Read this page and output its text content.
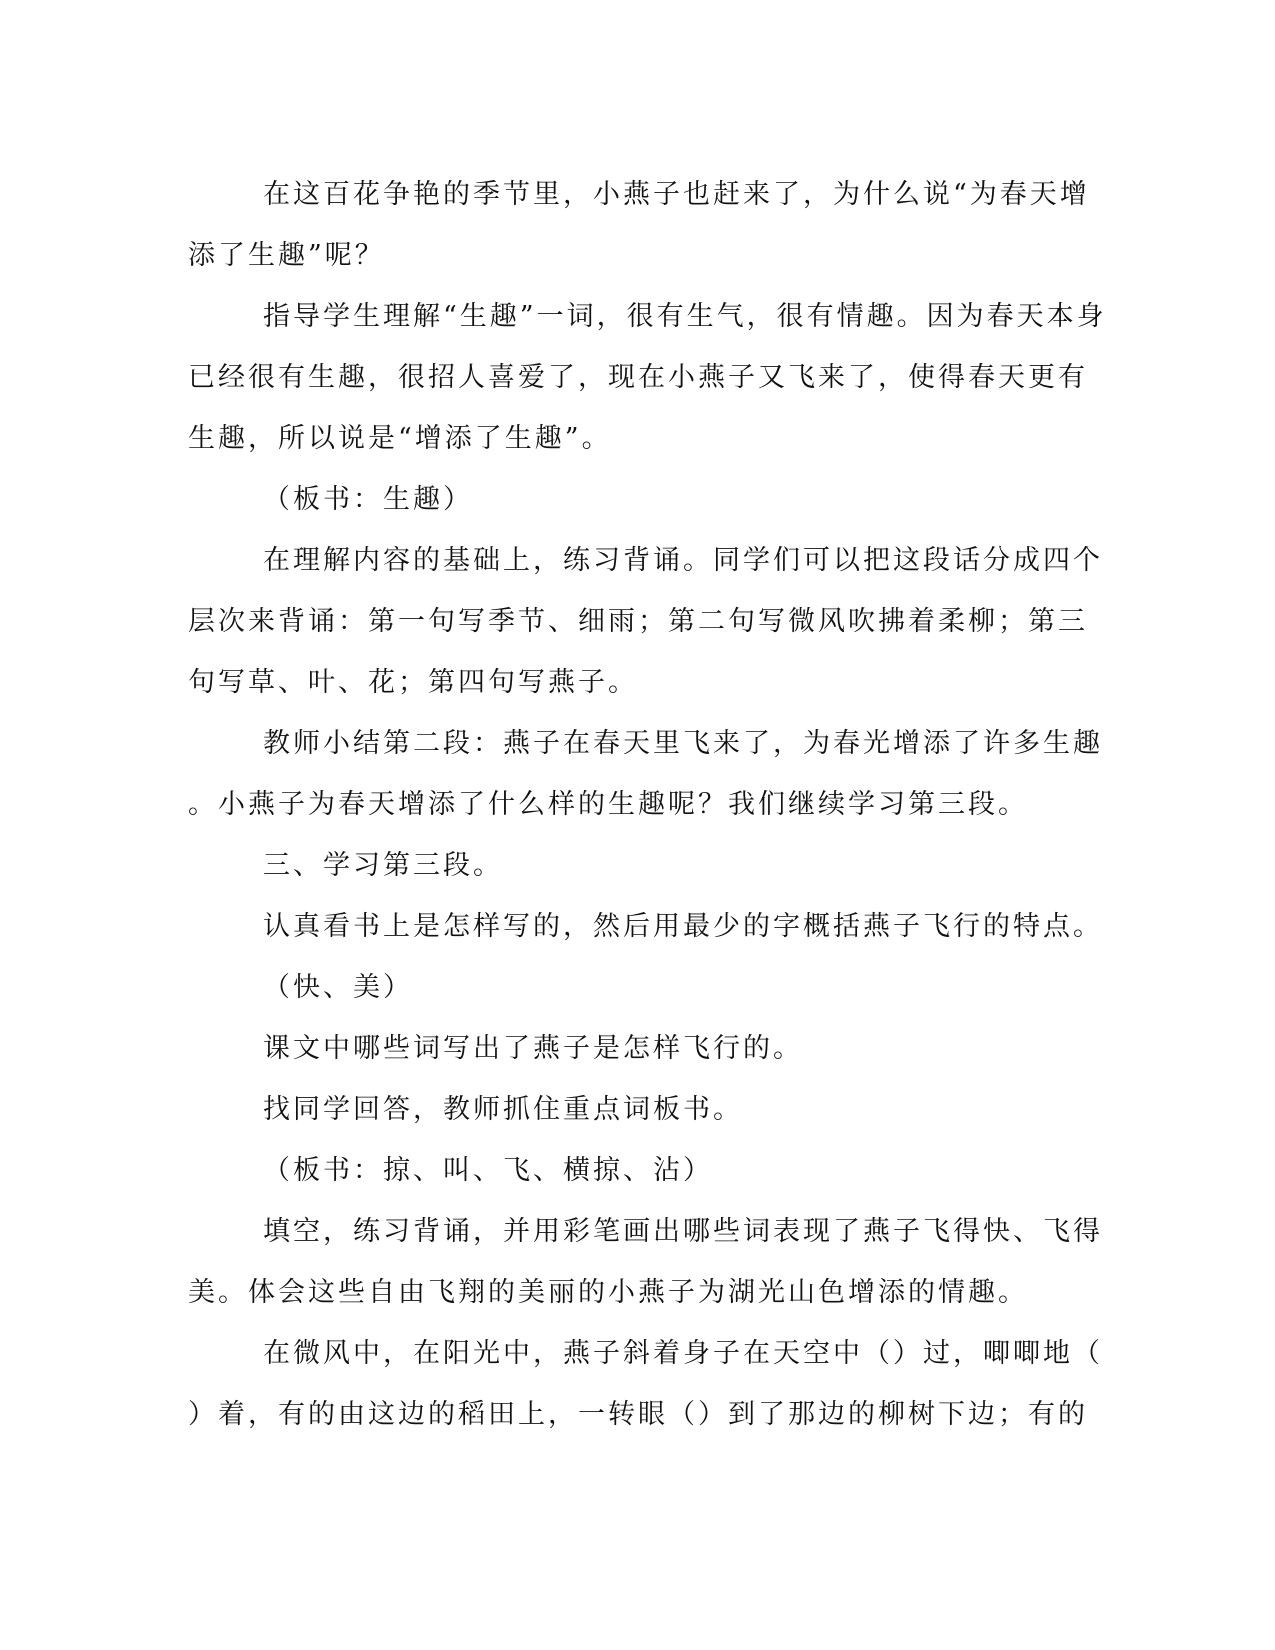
在这百花争艳的季节里，小燕子也赶来了，为什么说“为春天增
添了生趣”呢？

指导学生理解“生趣”一词，很有生气，很有情趣。因为春天本身
已经很有生趣，很招人喜爱了，现在小燕子又飞来了，使得春天更有
生趣，所以说是“增添了生趣”。

（板书：生趣）

在理解内容的基础上，练习背诵。同学们可以把这段话分成四个
层次来背诵：第一句写季节、细雨；第二句写微风吹拂着柔柳；第三
句写草、叶、花；第四句写燕子。

教师小结第二段：燕子在春天里飞来了，为春光增添了许多生趣
。小燕子为春天增添了什么样的生趣呢？我们继续学习第三段。

三、学习第三段。

认真看书上是怎样写的，然后用最少的字概括燕子飞行的特点。

（快、美）

课文中哪些词写出了燕子是怎样飞行的。

找同学回答，教师抓住重点词板书。

（板书：掠、叫、飞、横掠、沾）

填空，练习背诵，并用彩笔画出哪些词表现了燕子飞得快、飞得
美。体会这些自由飞翔的美丽的小燕子为湖光山色增添的情趣。

在微风中，在阳光中，燕子斜着身子在天空中（）过，唧唧地（
）着，有的由这边的稻田上，一转眼（）到了那边的柳树下边；有的
